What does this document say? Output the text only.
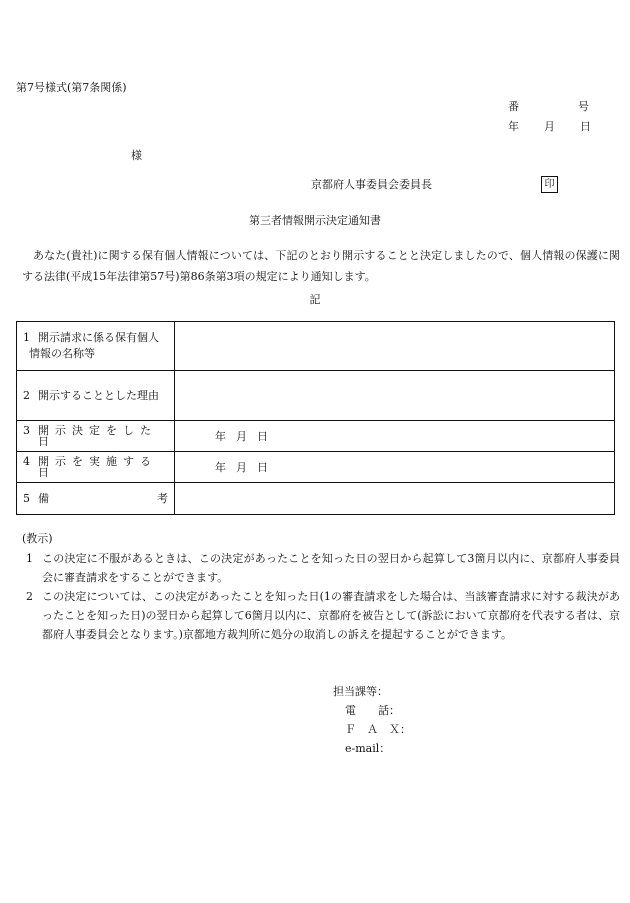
第7号様式(第7条関係)
番	号
年 月 日
様
京都府人事委員会委員長	印
第三者情報開示決定通知書
あなた(貴社)に関する保有個人情報については、下記のとおり開示することと決定しましたので、個人情報の保護に関する法律(平成15年法律第57号)第86条第3項の規定により通知します。
記
1 開示請求に係る保有個人
情報の名称等	

2 開示することとした理由	

3 開示決定をした日	年 月 日

4 開示を実施する日	年 月 日

5 備 考	

(教示)
1 この決定に不服があるときは、この決定があったことを知った日の翌日から起算して3箇月以内に、京都府人事委員会に審査請求をすることができます。
2 この決定については、この決定があったことを知った日(1の審査請求をした場合は、当該審査請求に対する裁決があったことを知った日)の翌日から起算して6箇月以内に、京都府を被告として(訴訟において京都府を代表する者は、京都府人事委員会となります。)京都地方裁判所に処分の取消しの訴えを提起することができます。
担当課等：
電　　話：
Ｆ　Ａ　Ｘ：
e-mail：
